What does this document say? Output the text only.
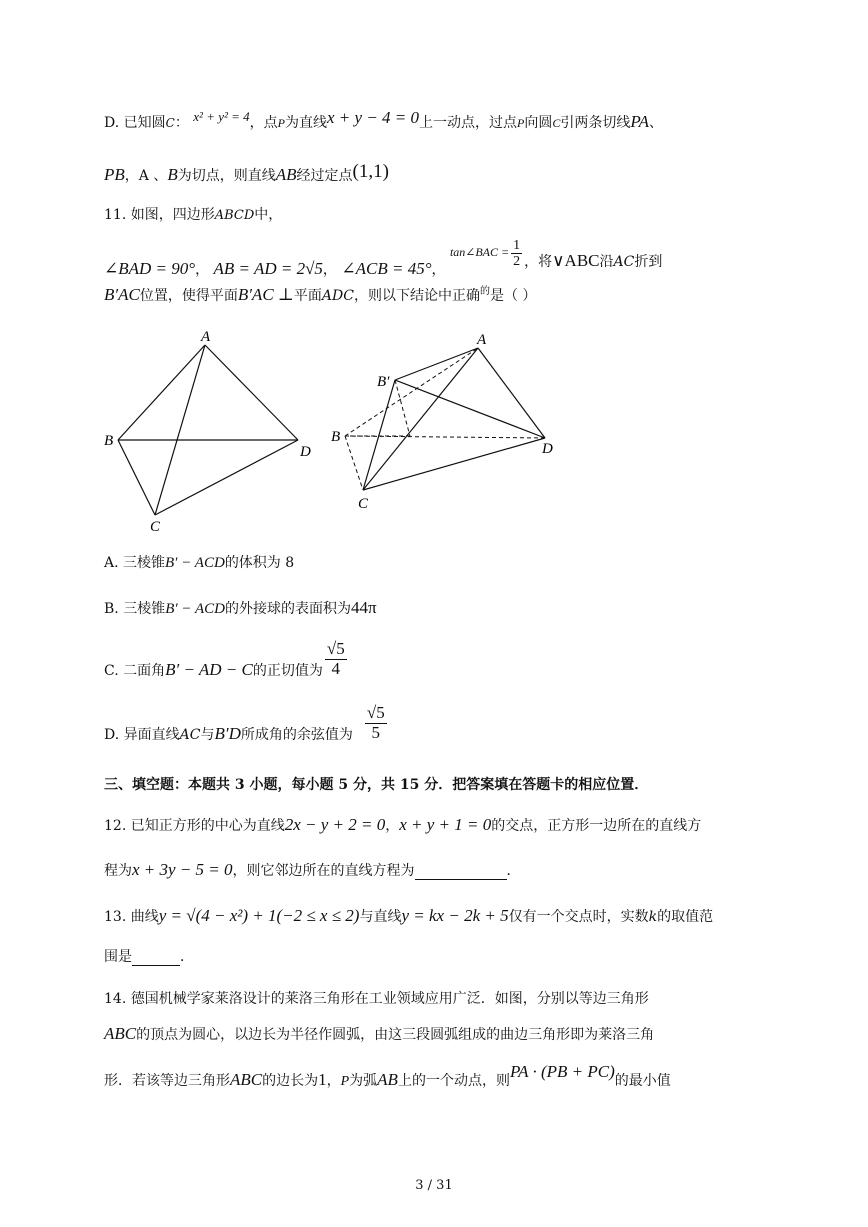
D. 已知圆C： x² + y² = 4，点P为直线x + y − 4 = 0上一动点，过点P向圆C引两条切线PA、
PB，A 、B为切点，则直线AB经过定点(1,1)
11. 如图，四边形ABCD中，
∠BAD = 90°， AB = AD = 2√5， ∠ACB = 45°， tan∠BAC = $\frac{1}{2}$ ，将∨ABC沿AC折到
B′AC位置，使得平面B′AC ⊥平面ADC，则以下结论中正确$^的$是（ ）
A
B
D
C
A
B′
B
D
C
A. 三棱锥B′ − ACD的体积为 8
B. 三棱锥B′ − ACD的外接球的表面积为44π
C. 二面角B′ − AD − C的正切值为 $\frac{√5}{4}$
D. 异面直线AC与B′D所成角的余弦值为 $\frac{√5}{5}$
三、填空题：本题共 3 小题，每小题 5 分，共 15 分．把答案填在答题卡的相应位置．
12. 已知正方形的中心为直线2x − y + 2 = 0，x + y + 1 = 0的交点，正方形一边所在的直线方
程为x + 3y − 5 = 0，则它邻边所在的直线方程为	．
13. 曲线y = √(4 − x²) + 1(−2 ≤ x ≤ 2)与直线y = kx − 2k + 5仅有一个交点时，实数k的取值范
围是	．
14. 德国机械学家莱洛设计的莱洛三角形在工业领域应用广泛．如图，分别以等边三角形
ABC的顶点为圆心，以边长为半径作圆弧，由这三段圆弧组成的曲边三角形即为莱洛三角
形．若该等边三角形ABC的边长为1，P为弧AB上的一个动点，则PA · (PB + PC)的最小值
3 / 31
